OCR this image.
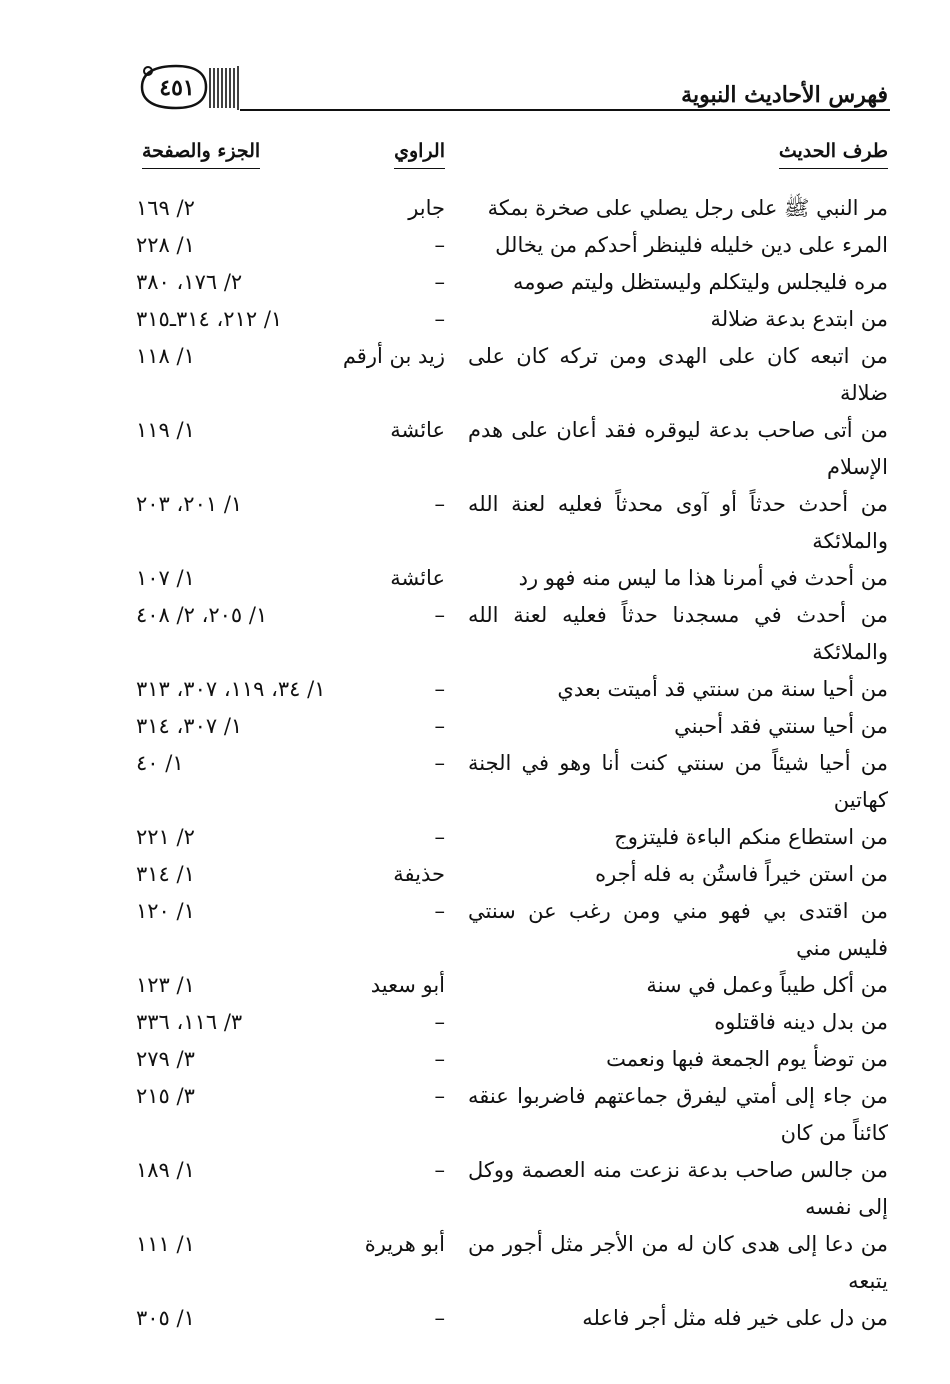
فهرس الأحاديث النبوية
٤٥١
طرف الحديث
الراوي
الجزء والصفحة
مر النبي ﷺ على رجل يصلي على صخرة بمكة
جابر
٢/ ١٦٩
المرء على دين خليله فلينظر أحدكم من يخالل
–
١/ ٢٢٨
مره فليجلس وليتكلم وليستظل وليتم صومه
–
٢/ ١٧٦، ٣٨٠
من ابتدع بدعة ضلالة
–
١/ ٢١٢، ٣١٤ـ٣١٥
من اتبعه كان على الهدى ومن تركه كان على ضلالة
زيد بن أرقم
١/ ١١٨
من أتى صاحب بدعة ليوقره فقد أعان على هدم الإسلام
عائشة
١/ ١١٩
من أحدث حدثاً أو آوى محدثاً فعليه لعنة الله والملائكة
–
١/ ٢٠١، ٢٠٣
من أحدث في أمرنا هذا ما ليس منه فهو رد
عائشة
١/ ١٠٧
من أحدث في مسجدنا حدثاً فعليه لعنة الله والملائكة
–
١/ ٢٠٥، ٢/ ٤٠٨
من أحيا سنة من سنتي قد أميتت بعدي
–
١/ ٣٤، ١١٩، ٣٠٧، ٣١٣
من أحيا سنتي فقد أحبني
–
١/ ٣٠٧، ٣١٤
من أحيا شيئاً من سنتي كنت أنا وهو في الجنة كهاتين
–
١/ ٤٠
من استطاع منكم الباءة فليتزوج
–
٢/ ٢٢١
من استن خيراً فاستُن به فله أجره
حذيفة
١/ ٣١٤
من اقتدى بي فهو مني ومن رغب عن سنتي فليس مني
–
١/ ١٢٠
من أكل طيباً وعمل في سنة
أبو سعيد
١/ ١٢٣
من بدل دينه فاقتلوه
–
٣/ ١١٦، ٣٣٦
من توضأ يوم الجمعة فبها ونعمت
–
٣/ ٢٧٩
من جاء إلى أمتي ليفرق جماعتهم فاضربوا عنقه كائناً من كان
–
٣/ ٢١٥
من جالس صاحب بدعة نزعت منه العصمة ووكل إلى نفسه
–
١/ ١٨٩
من دعا إلى هدى كان له من الأجر مثل أجور من يتبعه
أبو هريرة
١/ ١١١
من دل على خير فله مثل أجر فاعله
–
١/ ٣٠٥
